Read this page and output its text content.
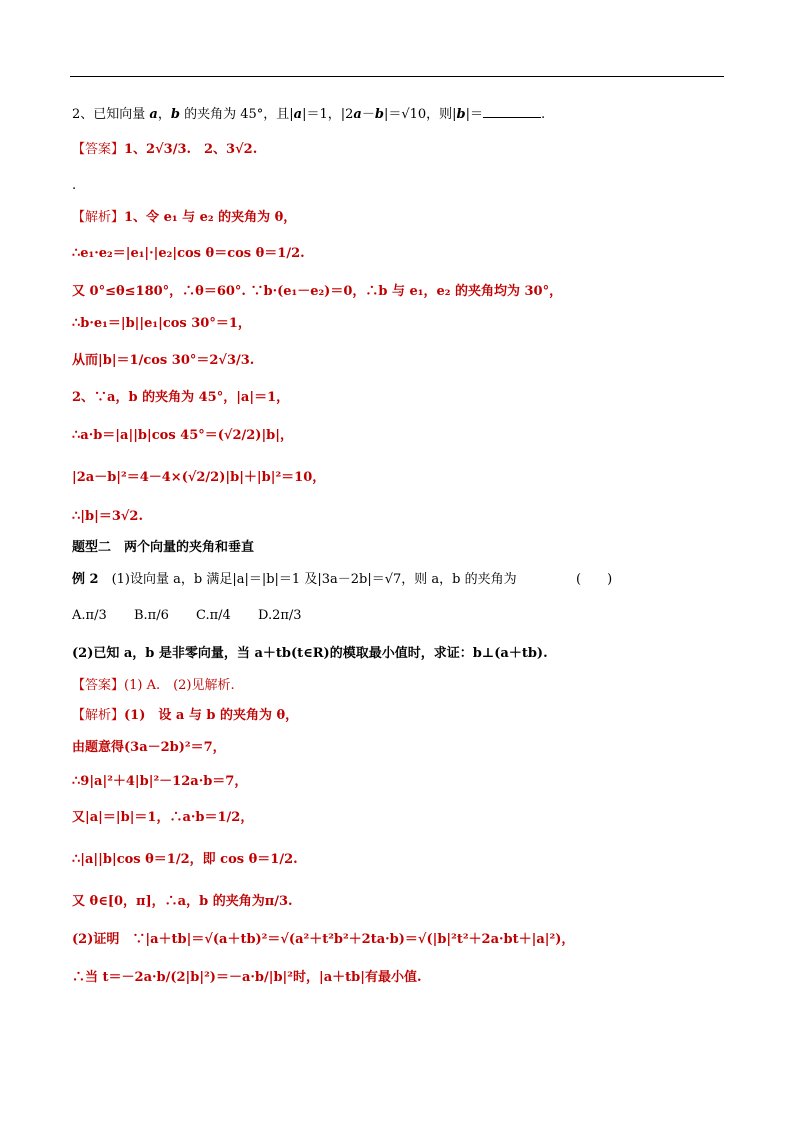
2、已知向量 a，b 的夹角为 45°，且|a|＝1，|2a－b|＝√10，则|b|＝	.
【答案】1、2√3/3.　2、3√2.
.
【解析】1、令 e₁ 与 e₂ 的夹角为 θ，
∴e₁·e₂＝|e₁|·|e₂|cos θ＝cos θ＝1/2.
又 0°≤θ≤180°，∴θ＝60°. ∵b·(e₁－e₂)＝0，∴b 与 e₁，e₂ 的夹角均为 30°，
∴b·e₁＝|b||e₁|cos 30°＝1，
从而|b|＝1/cos 30°＝2√3/3.
2、∵a，b 的夹角为 45°，|a|＝1，
∴a·b＝|a||b|cos 45°＝(√2/2)|b|，
|2a－b|²＝4－4×(√2/2)|b|＋|b|²＝10，
∴|b|＝3√2.
题型二　两个向量的夹角和垂直
例 2　 (1)设向量 a，b 满足|a|＝|b|＝1 及|3a－2b|＝√7，则 a，b 的夹角为	(　　)
A.π/3 B.π/6 C.π/4 D.2π/3
(2)已知 a，b 是非零向量，当 a＋tb(t∈R)的模取最小值时，求证：b⊥(a＋tb).
【答案】(1) A.　(2)见解析.
【解析】(1)　设 a 与 b 的夹角为 θ，
由题意得(3a－2b)²＝7，
∴9|a|²＋4|b|²－12a·b＝7，
又|a|＝|b|＝1，∴a·b＝1/2，
∴|a||b|cos θ＝1/2，即 cos θ＝1/2.
又 θ∈[0，π]，∴a，b 的夹角为π/3.
(2)证明　∵|a＋tb|＝√(a＋tb)²＝√(a²＋t²b²＋2ta·b)＝√(|b|²t²＋2a·bt＋|a|²)，
∴当 t＝－2a·b/(2|b|²)＝－a·b/|b|²时，|a＋tb|有最小值.
